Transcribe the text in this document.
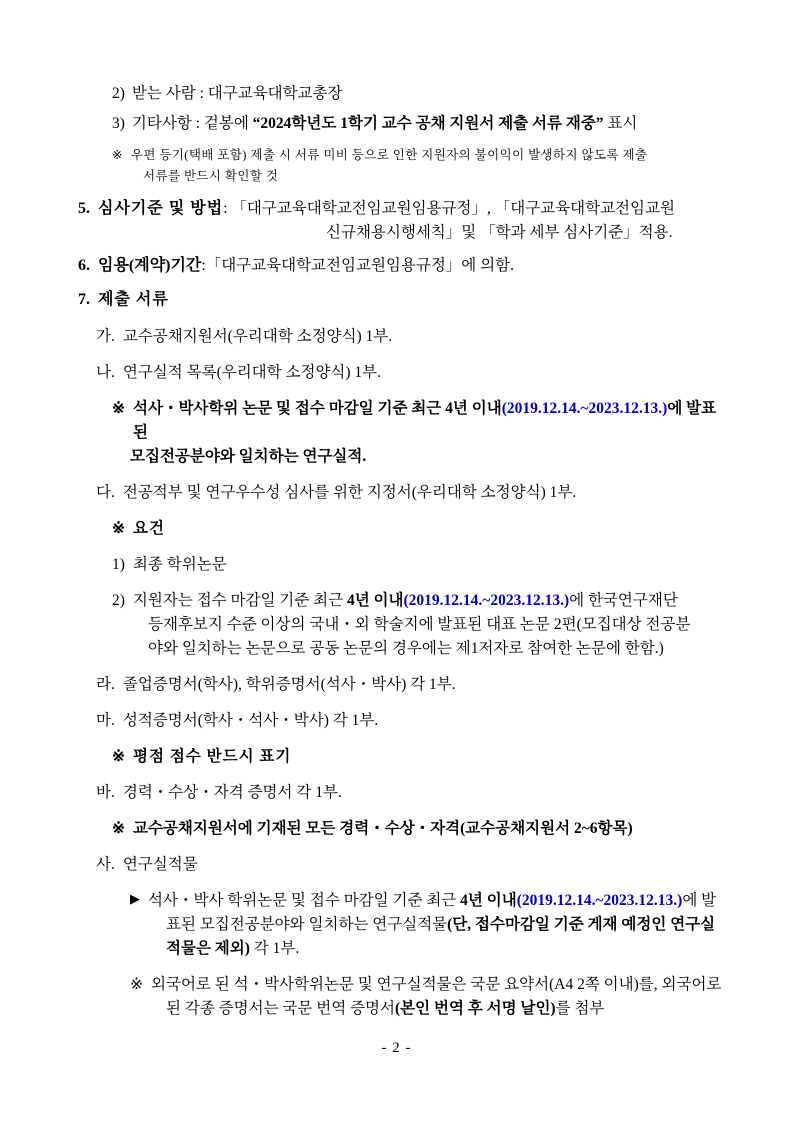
2) 받는 사람 : 대구교육대학교총장
3) 기타사항 : 겉봉에 “2024학년도 1학기 교수 공채 지원서 제출 서류 재중” 표시
※ 우편 등기(택배 포함) 제출 시 서류 미비 등으로 인한 지원자의 불이익이 발생하지 않도록 제출
서류를 반드시 확인할 것
5. 심사기준 및 방법: 「대구교육대학교전임교원임용규정」, 「대구교육대학교전임교원
신규채용시행세칙」및 「학과 세부 심사기준」적용.
6. 임용(계약)기간:「대구교육대학교전임교원임용규정」에 의함.
7. 제출 서류
가. 교수공채지원서(우리대학 소정양식) 1부.
나. 연구실적 목록(우리대학 소정양식) 1부.
※ 석사・박사학위 논문 및 접수 마감일 기준 최근 4년 이내(2019.12.14.~2023.12.13.)에 발표된
모집전공분야와 일치하는 연구실적.
다. 전공적부 및 연구우수성 심사를 위한 지정서(우리대학 소정양식) 1부.
※ 요건
1) 최종 학위논문
2) 지원자는 접수 마감일 기준 최근 4년 이내(2019.12.14.~2023.12.13.)에 한국연구재단
등재후보지 수준 이상의 국내・외 학술지에 발표된 대표 논문 2편(모집대상 전공분
야와 일치하는 논문으로 공동 논문의 경우에는 제1저자로 참여한 논문에 한함.)
라. 졸업증명서(학사), 학위증명서(석사・박사) 각 1부.
마. 성적증명서(학사・석사・박사) 각 1부.
※ 평점 점수 반드시 표기
바. 경력・수상・자격 증명서 각 1부.
※ 교수공채지원서에 기재된 모든 경력・수상・자격(교수공채지원서 2~6항목)
사. 연구실적물
▶ 석사・박사 학위논문 및 접수 마감일 기준 최근 4년 이내(2019.12.14.~2023.12.13.)에 발
표된 모집전공분야와 일치하는 연구실적물(단, 접수마감일 기준 게재 예정인 연구실
적물은 제외) 각 1부.
※ 외국어로 된 석・박사학위논문 및 연구실적물은 국문 요약서(A4 2쪽 이내)를, 외국어로
된 각종 증명서는 국문 번역 증명서(본인 번역 후 서명 날인)를 첨부
- 2 -
